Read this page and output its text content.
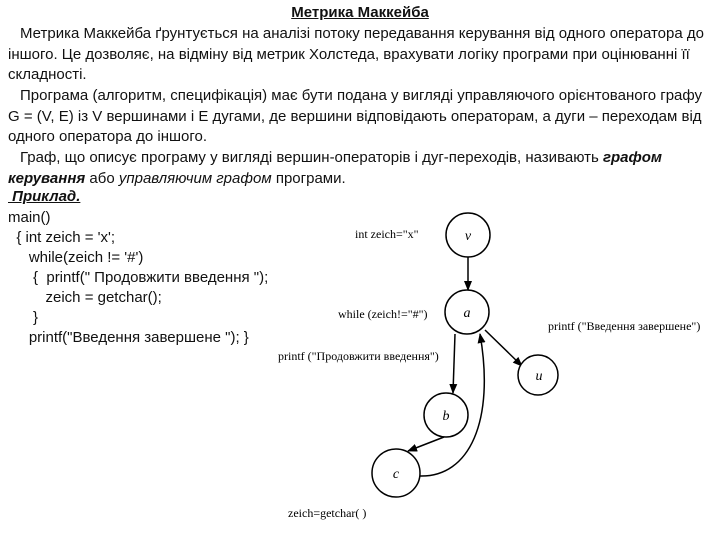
Метрика Маккейба

Метрика Маккейба ґрунтується на аналізі потоку передавання керування від одного оператора до іншого. Це дозволяє, на відміну від метрик Холстеда, врахувати логіку програми при оцінюванні її складності.

Програма (алгоритм, специфікація) має бути подана у вигляді управляючого орієнтованого графу G = (V, E) із V вершинами і E дугами, де вершини відповідають операторам, а дуги – переходам від одного оператора до іншого.

Граф, що описує програму у вигляді вершин-операторів і дуг-переходів, називають графом керування або управляючим графом програми.

Приклад.
main()
{ int zeich = 'x';
while(zeich != '#')
{  printf(" Продовжити введення ");
zeich = getchar();
}
printf("Введення завершене "); }
v
a
u
b
c
int zeich="x"
while (zeich!="#")
printf ("Введення завершене")
printf ("Продовжити введення")
zeich=getchar( )
